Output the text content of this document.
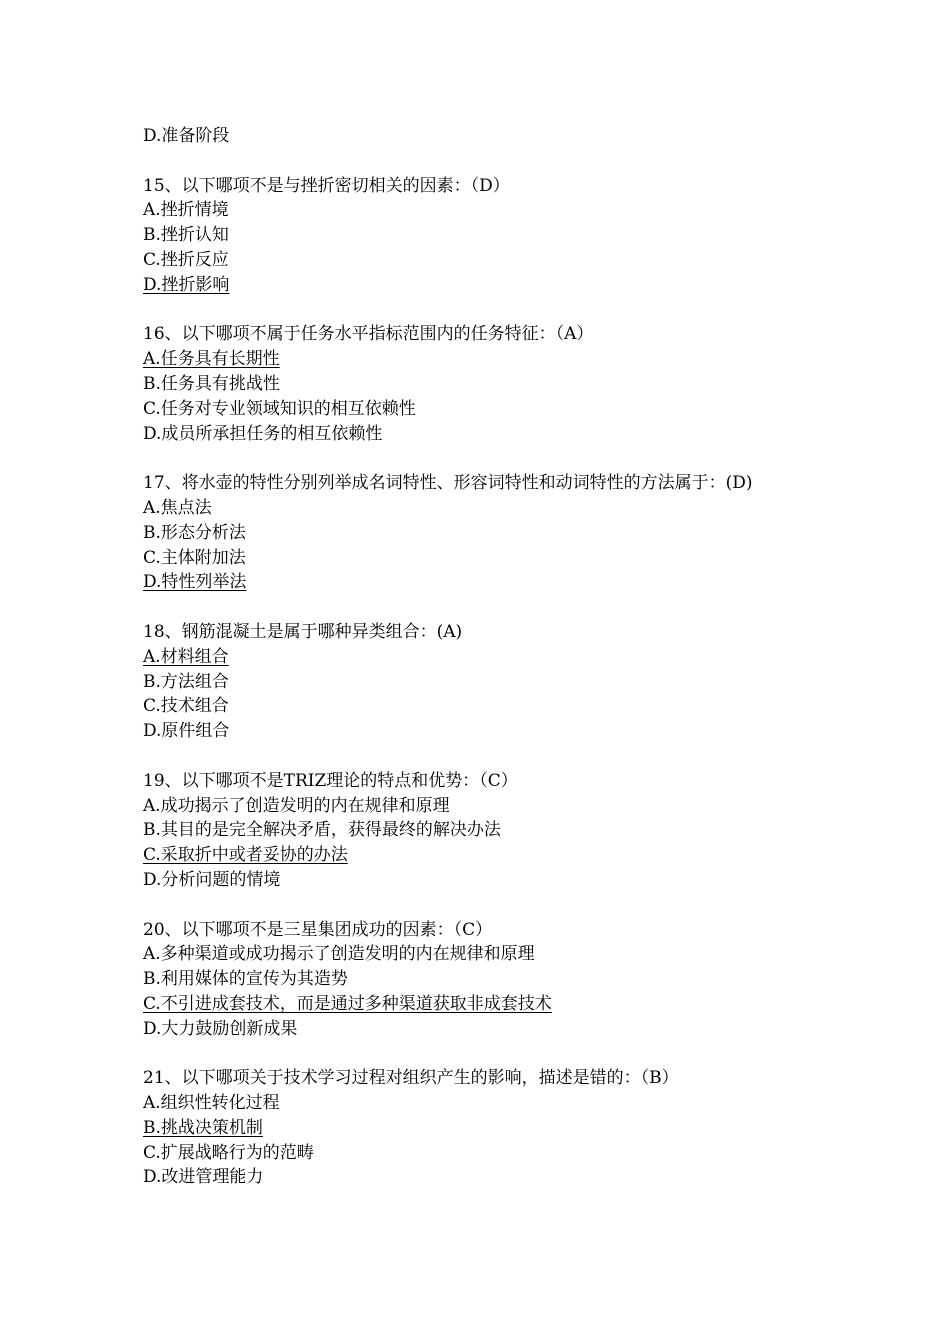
D.准备阶段
15、以下哪项不是与挫折密切相关的因素：（D）
A.挫折情境
B.挫折认知
C.挫折反应
D.挫折影响
16、以下哪项不属于任务水平指标范围内的任务特征：（A）
A.任务具有长期性
B.任务具有挑战性
C.任务对专业领域知识的相互依赖性
D.成员所承担任务的相互依赖性
17、将水壶的特性分别列举成名词特性、形容词特性和动词特性的方法属于：(D)
A.焦点法
B.形态分析法
C.主体附加法
D.特性列举法
18、钢筋混凝土是属于哪种异类组合：(A)
A.材料组合
B.方法组合
C.技术组合
D.原件组合
19、以下哪项不是TRIZ理论的特点和优势：（C）
A.成功揭示了创造发明的内在规律和原理
B.其目的是完全解决矛盾，获得最终的解决办法
C.采取折中或者妥协的办法
D.分析问题的情境
20、以下哪项不是三星集团成功的因素：（C）
A.多种渠道或成功揭示了创造发明的内在规律和原理
B.利用媒体的宣传为其造势
C.不引进成套技术，而是通过多种渠道获取非成套技术
D.大力鼓励创新成果
21、以下哪项关于技术学习过程对组织产生的影响，描述是错的：（B）
A.组织性转化过程
B.挑战决策机制
C.扩展战略行为的范畴
D.改进管理能力
